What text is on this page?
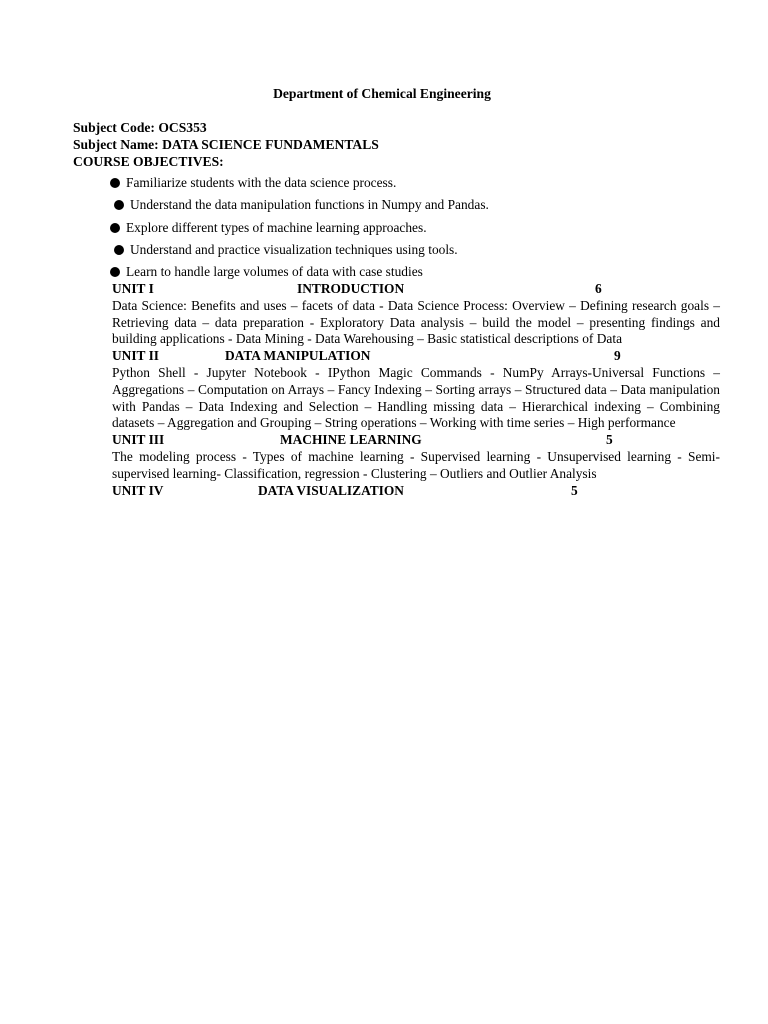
Department of Chemical Engineering
Subject Code: OCS353
Subject Name: DATA SCIENCE FUNDAMENTALS
COURSE OBJECTIVES:
Familiarize students with the data science process.
Understand the data manipulation functions in Numpy and Pandas.
Explore different types of machine learning approaches.
Understand and practice visualization techniques using tools.
Learn to handle large volumes of data with case studies
UNIT I	INTRODUCTION	6
Data Science: Benefits and uses – facets of data - Data Science Process: Overview – Defining research goals – Retrieving data – data preparation - Exploratory Data analysis – build the model – presenting findings and building applications - Data Mining - Data Warehousing – Basic statistical descriptions of Data
UNIT II	DATA MANIPULATION	9
Python Shell - Jupyter Notebook - IPython Magic Commands - NumPy Arrays-Universal Functions – Aggregations – Computation on Arrays – Fancy Indexing – Sorting arrays – Structured data – Data manipulation with Pandas – Data Indexing and Selection – Handling missing data – Hierarchical indexing – Combining datasets – Aggregation and Grouping – String operations – Working with time series – High performance
UNIT III	MACHINE LEARNING	5
The modeling process - Types of machine learning - Supervised learning - Unsupervised learning - Semi- supervised learning- Classification, regression - Clustering – Outliers and Outlier Analysis
UNIT IV	DATA VISUALIZATION	5
